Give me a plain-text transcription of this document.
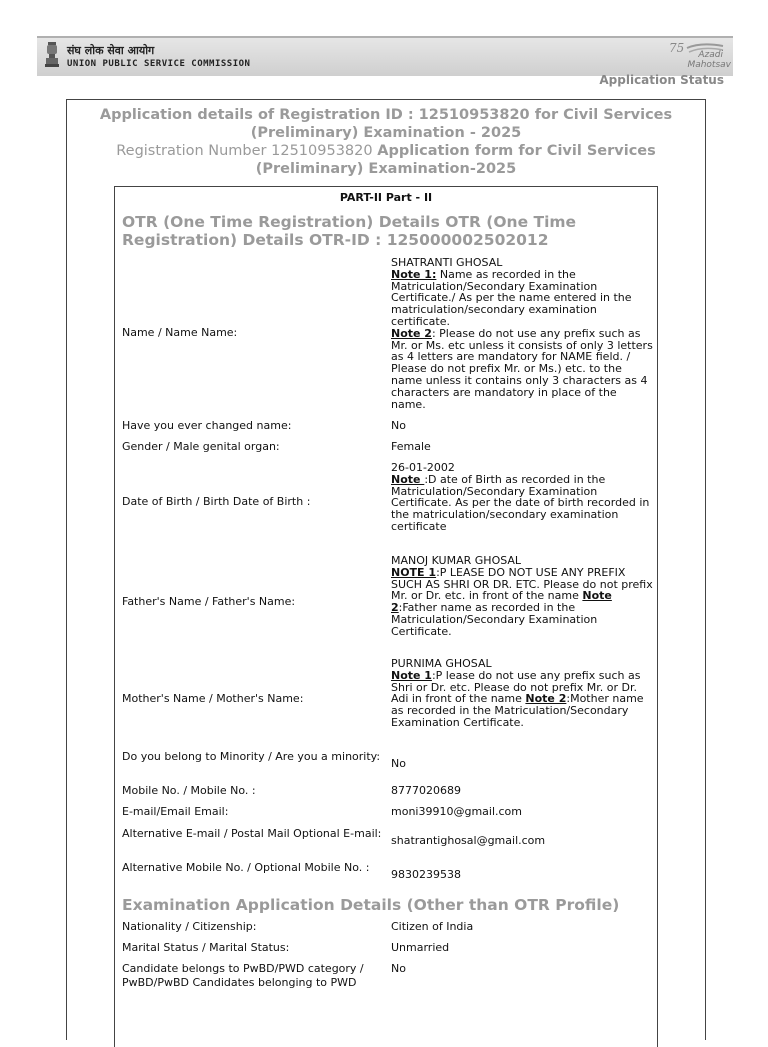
संघ लोक सेवा आयोग
UNION PUBLIC SERVICE COMMISSION
75 Azadi
Mahotsav
Application Status
Application details of Registration ID : 12510953820 for Civil Services
(Preliminary) Examination - 2025
Registration Number 12510953820 Application form for Civil Services
(Preliminary) Examination-2025
PART-II Part - II
OTR (One Time Registration) Details OTR (One Time
Registration) Details OTR-ID : 125000002502012
Name / Name Name:
SHATRANTI GHOSAL
Note 1: Name as recorded in the Matriculation/Secondary Examination Certificate./ As per the name entered in the matriculation/secondary examination certificate.
Note 2: Please do not use any prefix such as Mr. or Ms. etc unless it consists of only 3 letters as 4 letters are mandatory for NAME field. / Please do not prefix Mr. or Ms.) etc. to the name unless it contains only 3 characters as 4 characters are mandatory in place of the name.
Have you ever changed name:	No
Gender / Male genital organ:	Female
Date of Birth / Birth Date of Birth :
26-01-2002
Note :D ate of Birth as recorded in the Matriculation/Secondary Examination Certificate. As per the date of birth recorded in the matriculation/secondary examination certificate
Father's Name / Father's Name:
MANOJ KUMAR GHOSAL
NOTE 1:P LEASE DO NOT USE ANY PREFIX SUCH AS SHRI OR DR. ETC. Please do not prefix Mr. or Dr. etc. in front of the name Note 2:Father name as recorded in the Matriculation/Secondary Examination Certificate.
Mother's Name / Mother's Name:
PURNIMA GHOSAL
Note 1:P lease do not use any prefix such as Shri or Dr. etc. Please do not prefix Mr. or Dr. Adi in front of the name Note 2:Mother name as recorded in the Matriculation/Secondary Examination Certificate.
Do you belong to Minority / Are you a minority:
No
Mobile No. / Mobile No. :	8777020689
E-mail/Email Email:	moni39910@gmail.com
Alternative E-mail / Postal Mail Optional E-mail:
shatrantighosal@gmail.com
Alternative Mobile No. / Optional Mobile No. :
9830239538
Examination Application Details (Other than OTR Profile)
Nationality / Citizenship:	Citizen of India
Marital Status / Marital Status:	Unmarried
Candidate belongs to PwBD/PWD category / PwBD/PwBD Candidates belonging to PWD
No
